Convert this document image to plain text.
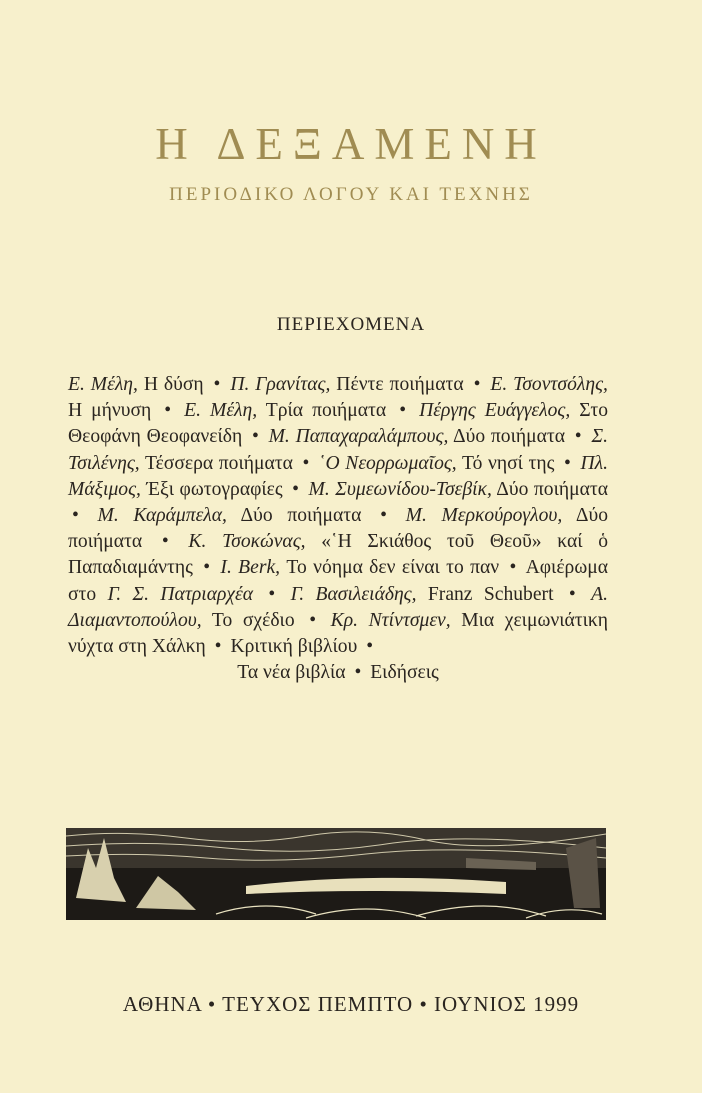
Η ΔΕΞΑΜΕΝΗ
ΠΕΡΙΟΔΙΚΟ ΛΟΓΟΥ ΚΑΙ ΤΕΧΝΗΣ
ΠΕΡΙΕΧΟΜΕΝΑ
Ε. Μέλη, Η δύση • Π. Γρανίτας, Πέντε ποιήματα • Ε. Τσοντσόλης, Η μήνυση • Ε. Μέλη, Τρία ποιήματα • Πέργης Ευάγγελος, Στο Θεοφάνη Θεοφανείδη • Μ. Παπαχαραλάμπους, Δύο ποιήματα • Σ. Τσιλένης, Τέσσερα ποιήματα • ῾Ο Νεορρωμαῖος, Τό νησί της • Πλ. Μάξιμος, Έξι φωτογραφίες • Μ. Συμεωνίδου-Τσεβίκ, Δύο ποιήματα • Μ. Καράμπελα, Δύο ποιήματα • Μ. Μερκούρογλου, Δύο ποιήματα • Κ. Τσοκώνας, «῾Η Σκιάθος τοῦ Θεοῦ» καί ὁ Παπαδιαμάντης • I. Berk, Το νόημα δεν είναι το παν • Αφιέρωμα στο Γ. Σ. Πατριαρχέα • Γ. Βασιλειάδης, Franz Schubert • Α. Διαμαντοπούλου, Το σχέδιο • Κρ. Ντίντσμεν, Μια χειμωνιάτικη νύχτα στη Χάλκη • Κριτική βιβλίου •
Τα νέα βιβλία • Ειδήσεις
ΑΘΗΝΑ • ΤΕΥΧΟΣ ΠΕΜΠΤΟ • ΙΟΥΝΙΟΣ 1999
